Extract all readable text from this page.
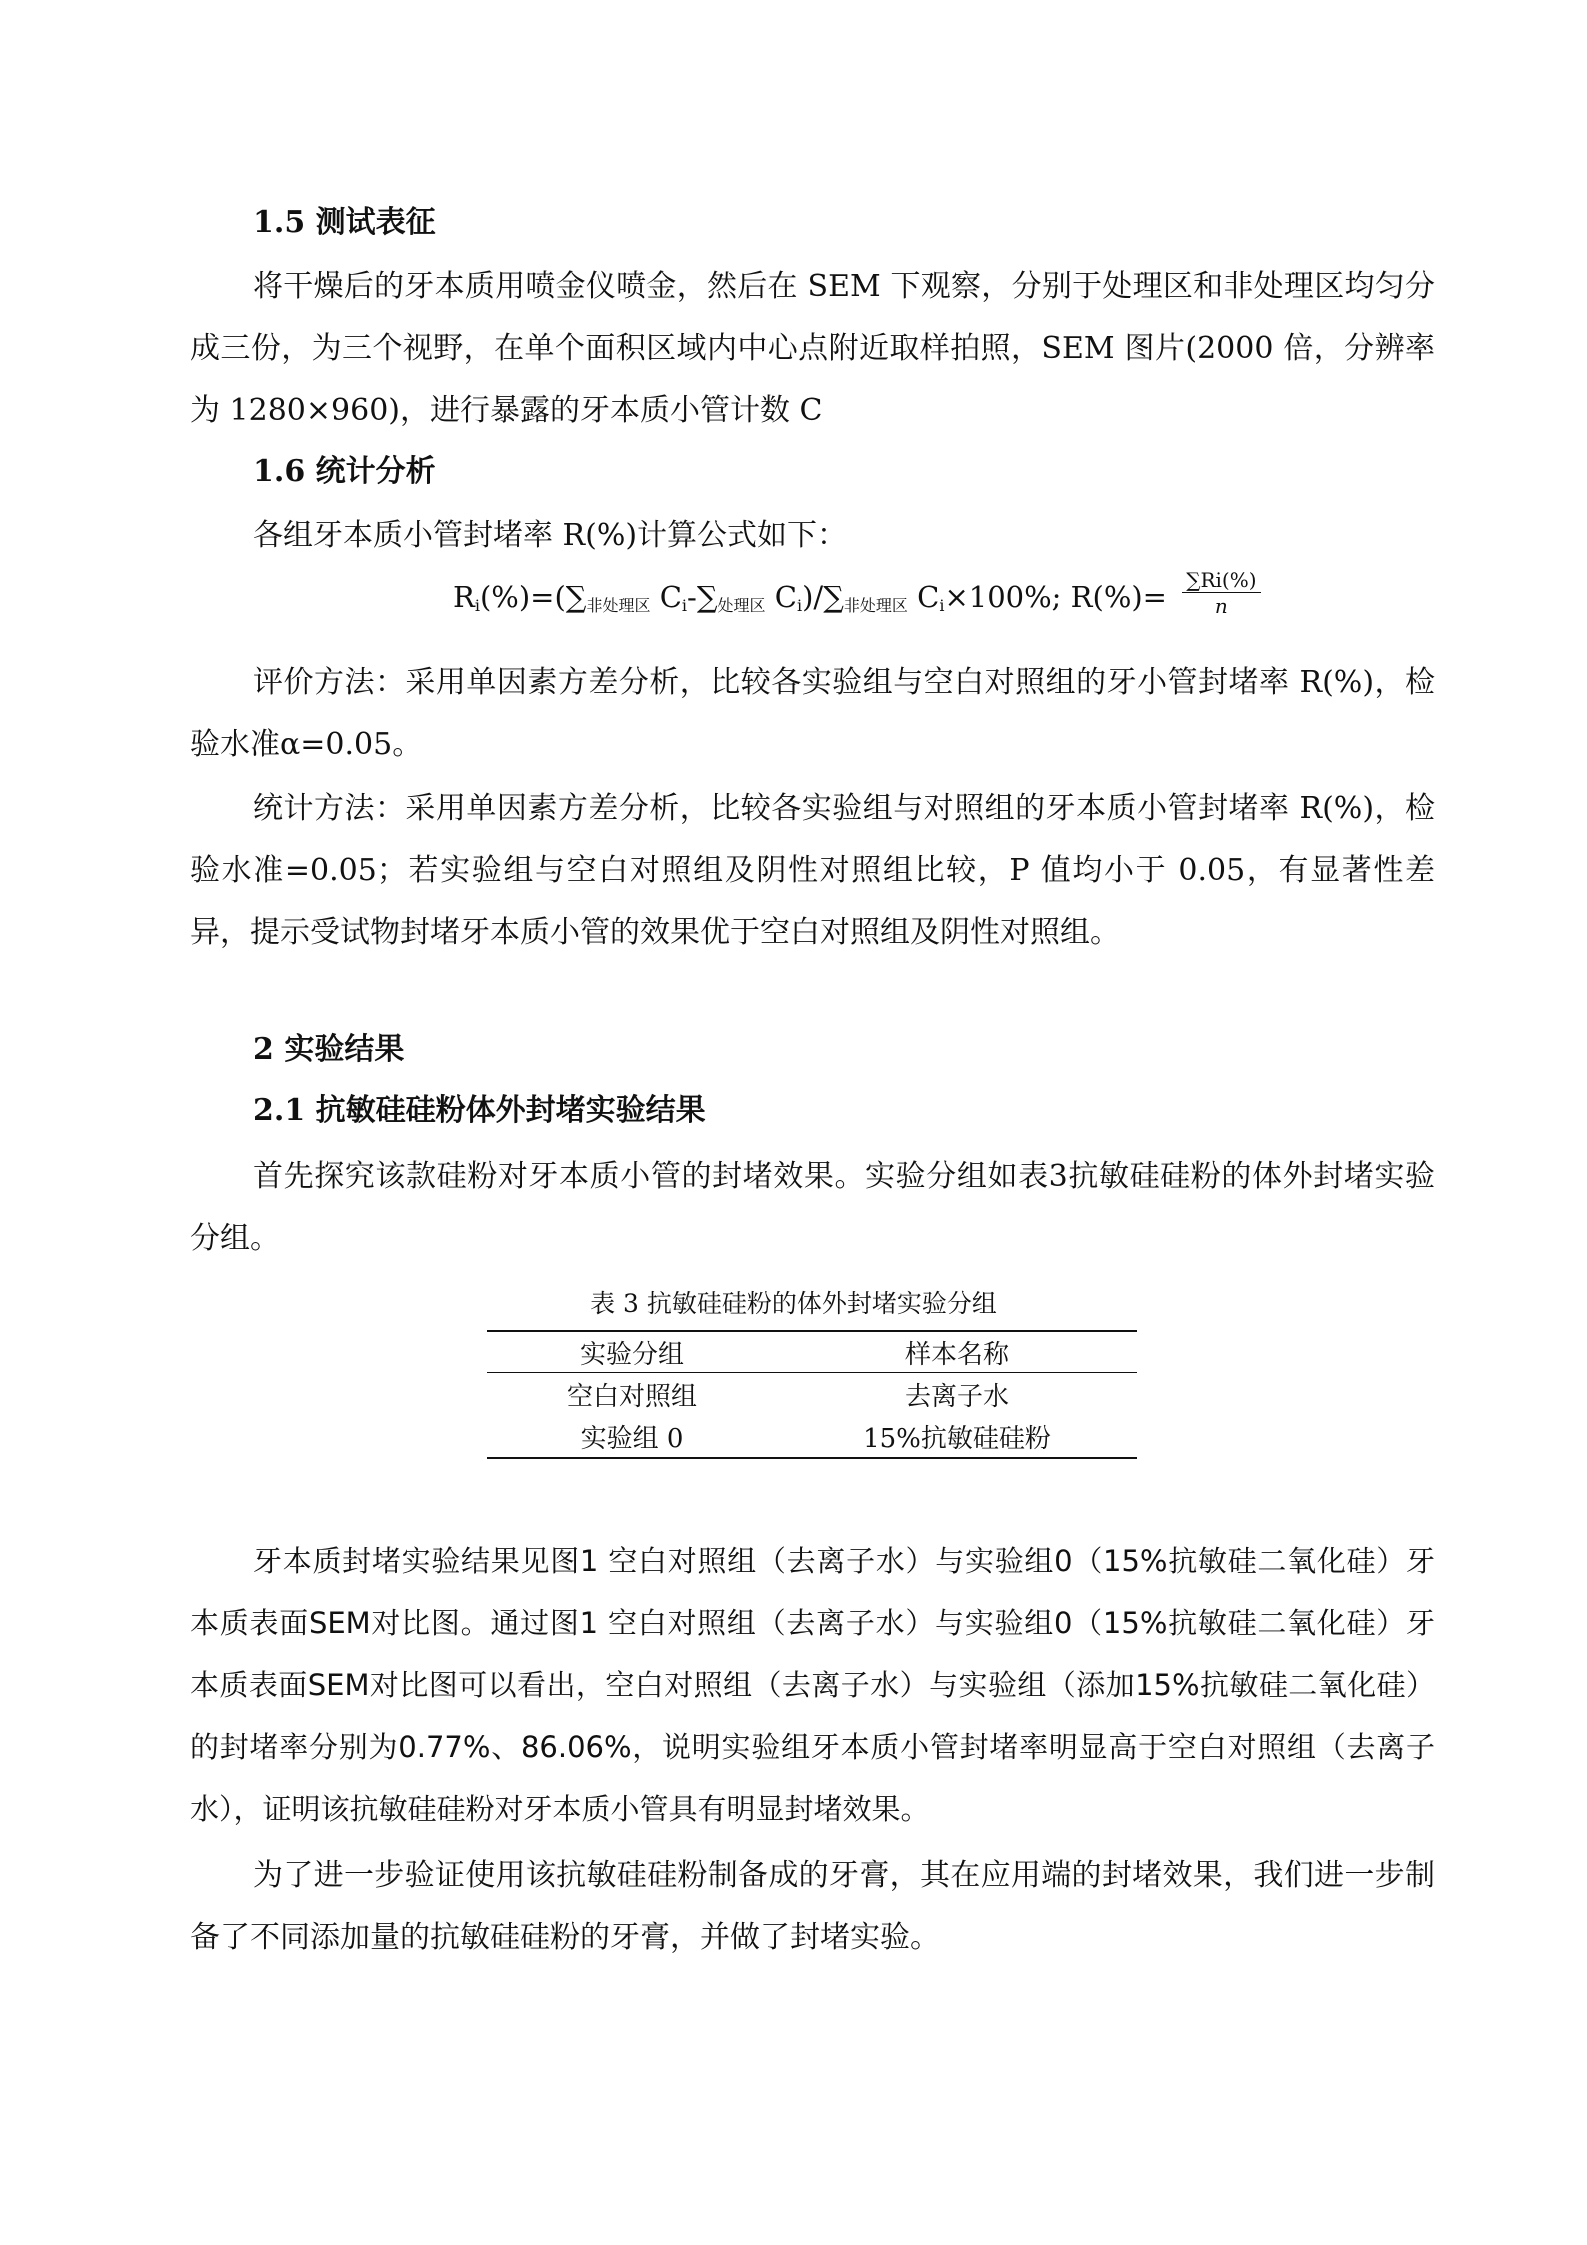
1.5 测试表征

将干燥后的牙本质用喷金仪喷金，然后在 SEM 下观察，分别于处理区和非处理区均匀分成三份，为三个视野，在单个面积区域内中心点附近取样拍照，SEM 图片(2000 倍，分辨率为 1280×960)，进行暴露的牙本质小管计数 C

1.6 统计分析

各组牙本质小管封堵率 R(%)计算公式如下：

$R_i(\%)=(\sum_{非处理区}$ $C_i-\sum_{处理区}$ $C_i)/\sum_{非处理区}$ $C_i\times 100\%$; $R(\%)= \frac{\sum Ri(\%)}{n}$

评价方法：采用单因素方差分析，比较各实验组与空白对照组的牙小管封堵率 R(%)，检验水准α=0.05。

统计方法：采用单因素方差分析，比较各实验组与对照组的牙本质小管封堵率 R(%)，检验水准=0.05；若实验组与空白对照组及阴性对照组比较，P 值均小于 0.05，有显著性差异，提示受试物封堵牙本质小管的效果优于空白对照组及阴性对照组。

2 实验结果
2.1 抗敏硅硅粉体外封堵实验结果

首先探究该款硅粉对牙本质小管的封堵效果。实验分组如表3抗敏硅硅粉的体外封堵实验分组。

表 3 抗敏硅硅粉的体外封堵实验分组
实验分组	样本名称
空白对照组	去离子水
实验组 0	15%抗敏硅硅粉

牙本质封堵实验结果见图1 空白对照组（去离子水）与实验组0（15%抗敏硅二氧化硅）牙本质表面SEM对比图。通过图1 空白对照组（去离子水）与实验组0（15%抗敏硅二氧化硅）牙本质表面SEM对比图可以看出，空白对照组（去离子水）与实验组（添加15%抗敏硅二氧化硅）的封堵率分别为0.77%、86.06%，说明实验组牙本质小管封堵率明显高于空白对照组（去离子水），证明该抗敏硅硅粉对牙本质小管具有明显封堵效果。

为了进一步验证使用该抗敏硅硅粉制备成的牙膏，其在应用端的封堵效果，我们进一步制备了不同添加量的抗敏硅硅粉的牙膏，并做了封堵实验。
